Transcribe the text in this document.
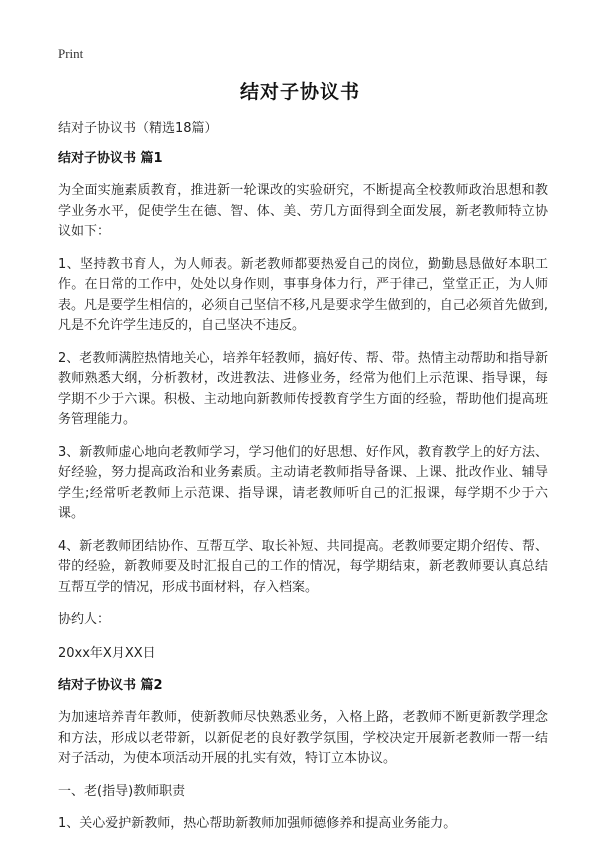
Print
结对子协议书
结对子协议书（精选18篇）
结对子协议书 篇1

为全面实施素质教育，推进新一轮课改的实验研究，不断提高全校教师政治思想和教学业务水平，促使学生在德、智、体、美、劳几方面得到全面发展，新老教师特立协议如下：

1、坚持教书育人，为人师表。新老教师都要热爱自己的岗位，勤勤恳恳做好本职工作。在日常的工作中，处处以身作则，事事身体力行，严于律己，堂堂正正，为人师表。凡是要学生相信的，必须自己坚信不移,凡是要求学生做到的，自己必须首先做到,凡是不允许学生违反的，自己坚决不违反。

2、老教师满腔热情地关心，培养年轻教师，搞好传、帮、带。热情主动帮助和指导新教师熟悉大纲，分析教材，改进教法、进修业务，经常为他们上示范课、指导课，每学期不少于六课。积极、主动地向新教师传授教育学生方面的经验，帮助他们提高班务管理能力。

3、新教师虚心地向老教师学习，学习他们的好思想、好作风，教育教学上的好方法、好经验，努力提高政治和业务素质。主动请老教师指导备课、上课、批改作业、辅导学生;经常听老教师上示范课、指导课，请老教师听自己的汇报课，每学期不少于六课。

4、新老教师团结协作、互帮互学、取长补短、共同提高。老教师要定期介绍传、帮、带的经验，新教师要及时汇报自己的工作的情况，每学期结束，新老教师要认真总结互帮互学的情况，形成书面材料，存入档案。

协约人：

20xx年X月XX日

结对子协议书 篇2

为加速培养青年教师，使新教师尽快熟悉业务，入格上路，老教师不断更新教学理念和方法，形成以老带新，以新促老的良好教学氛围，学校决定开展新老教师一帮一结对子活动，为使本项活动开展的扎实有效，特订立本协议。

一、老(指导)教师职责

1、关心爱护新教师，热心帮助新教师加强师德修养和提高业务能力。
